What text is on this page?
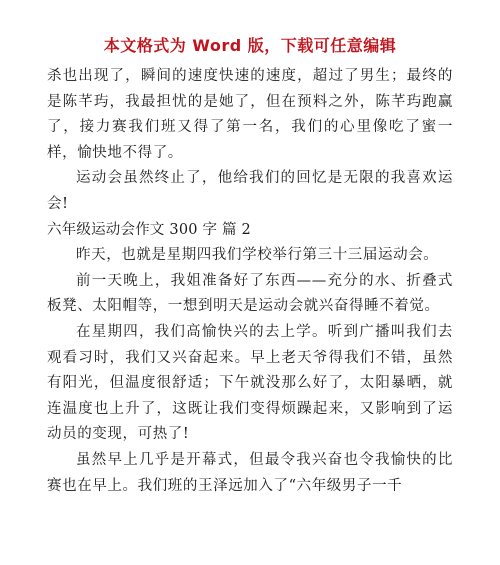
本文格式为 Word 版，下载可任意编辑

杀也出现了，瞬间的速度快速的速度，超过了男生；最终的是陈芊玙，我最担忧的是她了，但在预料之外，陈芊玙跑赢了，接力赛我们班又得了第一名，我们的心里像吃了蜜一样，愉快地不得了。

运动会虽然终止了，他给我们的回忆是无限的我喜欢运会!

六年级运动会作文 300 字 篇 2

昨天，也就是星期四我们学校举行第三十三届运动会。

前一天晚上，我姐准备好了东西——充分的水、折叠式板凳、太阳帽等，一想到明天是运动会就兴奋得睡不着觉。

在星期四，我们高愉快兴的去上学。听到广播叫我们去观看习时，我们又兴奋起来。早上老天爷得我们不错，虽然有阳光，但温度很舒适；下午就没那么好了，太阳暴晒，就连温度也上升了，这既让我们变得烦躁起来，又影响到了运动员的变现，可热了!

虽然早上几乎是开幕式，但最令我兴奋也令我愉快的比赛也在早上。我们班的王泽远加入了“六年级男子一千
